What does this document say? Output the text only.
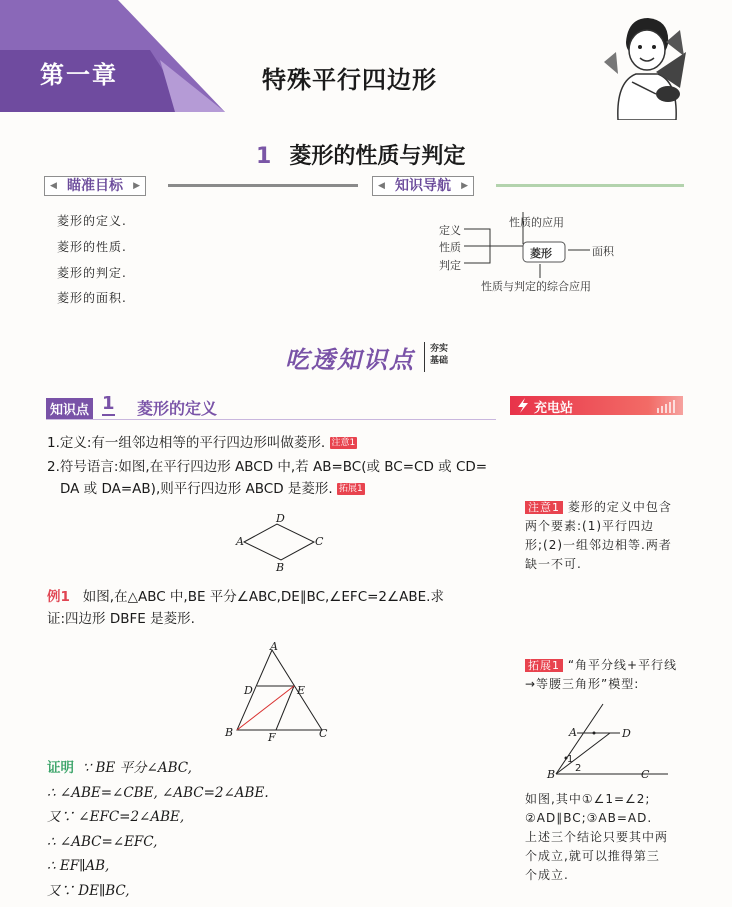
第一章	特殊平行四边形
1 菱形的性质与判定
◀ 瞄准目标 ▶	◀ 知识导航 ▶
菱形的定义.
菱形的性质.
菱形的判定.
菱形的面积.
定义
性质
判定
菱形
性质的应用
面积
性质与判定的综合应用
吃透知识点 夯实
基础
知识点 1 菱形的定义	充电站
1.定义:有一组邻边相等的平行四边形叫做菱形. 注意1
2.符号语言:如图,在平行四边形 ABCD 中,若 AB=BC(或 BC=CD 或 CD=
DA 或 DA=AB),则平行四边形 ABCD 是菱形. 拓展1
A
D
C
B
例1 如图,在△ABC 中,BE 平分∠ABC,DE∥BC,∠EFC=2∠ABE.求
证:四边形 DBFE 是菱形.
A
D	E
B	F	C
证明 ∵ BE 平分∠ABC,
∴ ∠ABE=∠CBE, ∠ABC=2∠ABE.
又∵ ∠EFC=2∠ABE,
∴ ∠ABC=∠EFC,
∴ EF∥AB,
又∵ DE∥BC,
注意1 菱形的定义中包含
两个要素:(1)平行四边
形;(2)一组邻边相等.两者
缺一不可.
拓展1 “角平分线+平行线
→等腰三角形”模型:
A	D
B	C
1
2
如图,其中①∠1=∠2;
②AD∥BC;③AB=AD.
上述三个结论只要其中两
个成立,就可以推得第三
个成立.
